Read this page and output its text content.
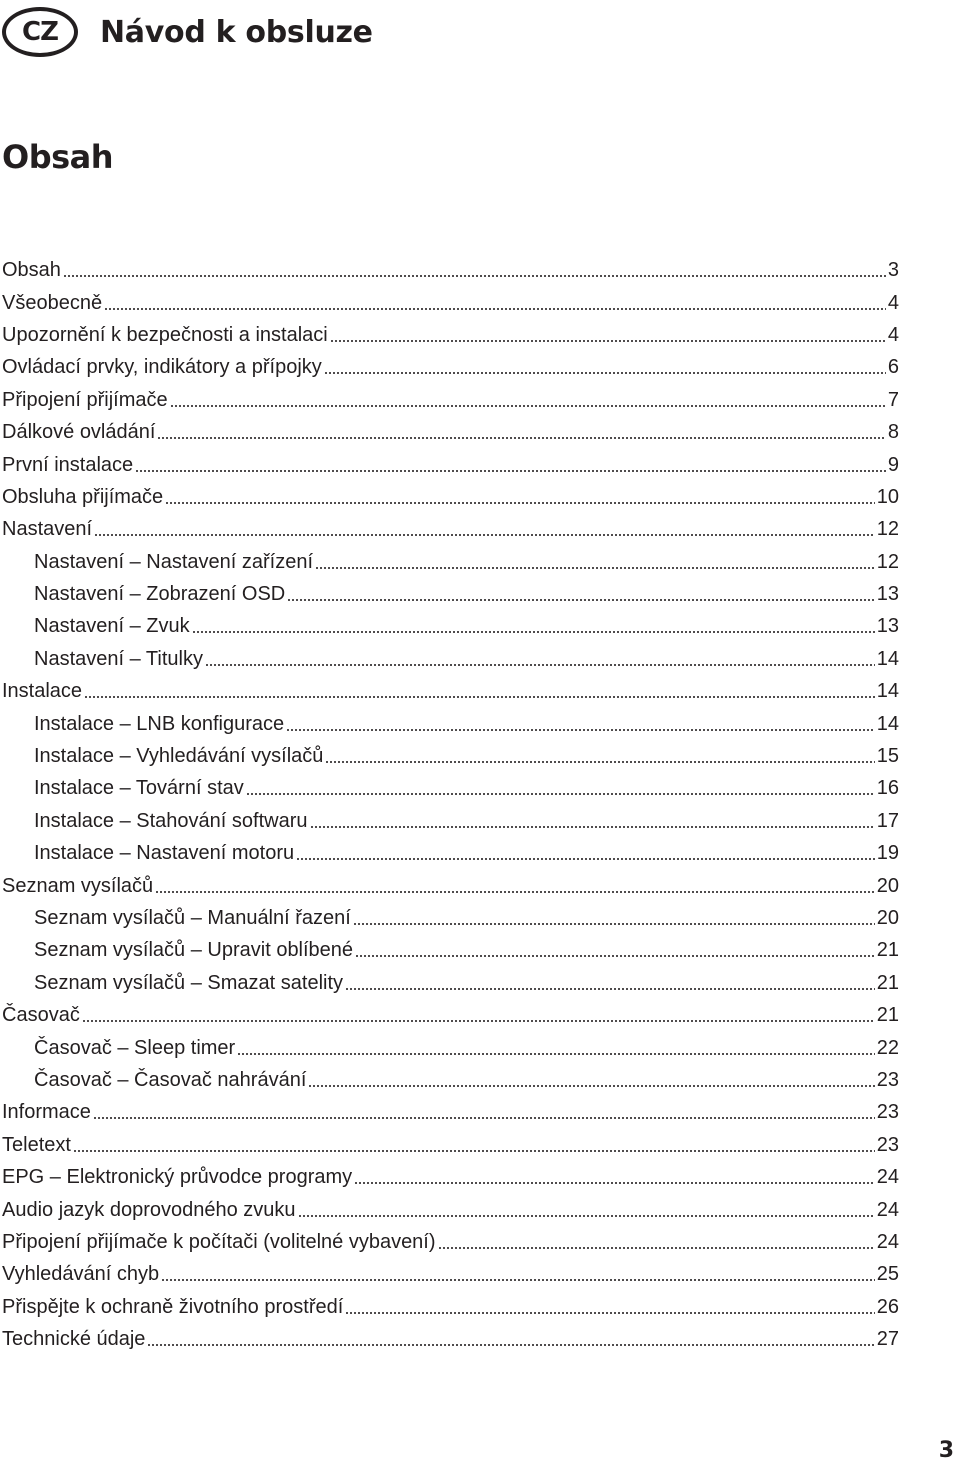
CZ	Návod k obsluze
Obsah
Obsah	3
Všeobecně	4
Upozornění k bezpečnosti a instalaci	4
Ovládací prvky, indikátory a přípojky	6
Připojení přijímače	7
Dálkové ovládání	8
První instalace	9
Obsluha přijímače	10
Nastavení	12
Nastavení – Nastavení zařízení	12
Nastavení – Zobrazení OSD	13
Nastavení – Zvuk	13
Nastavení – Titulky	14
Instalace	14
Instalace – LNB konfigurace	14
Instalace – Vyhledávání vysílačů	15
Instalace – Tovární stav	16
Instalace – Stahování softwaru	17
Instalace – Nastavení motoru	19
Seznam vysílačů	20
Seznam vysílačů – Manuální řazení	20
Seznam vysílačů – Upravit oblíbené	21
Seznam vysílačů – Smazat satelity	21
Časovač	21
Časovač – Sleep timer	22
Časovač – Časovač nahrávání	23
Informace	23
Teletext	23
EPG – Elektronický průvodce programy	24
Audio jazyk doprovodného zvuku	24
Připojení přijímače k počítači (volitelné vybavení)	24
Vyhledávání chyb	25
Přispějte k ochraně životního prostředí	26
Technické údaje	27
3
